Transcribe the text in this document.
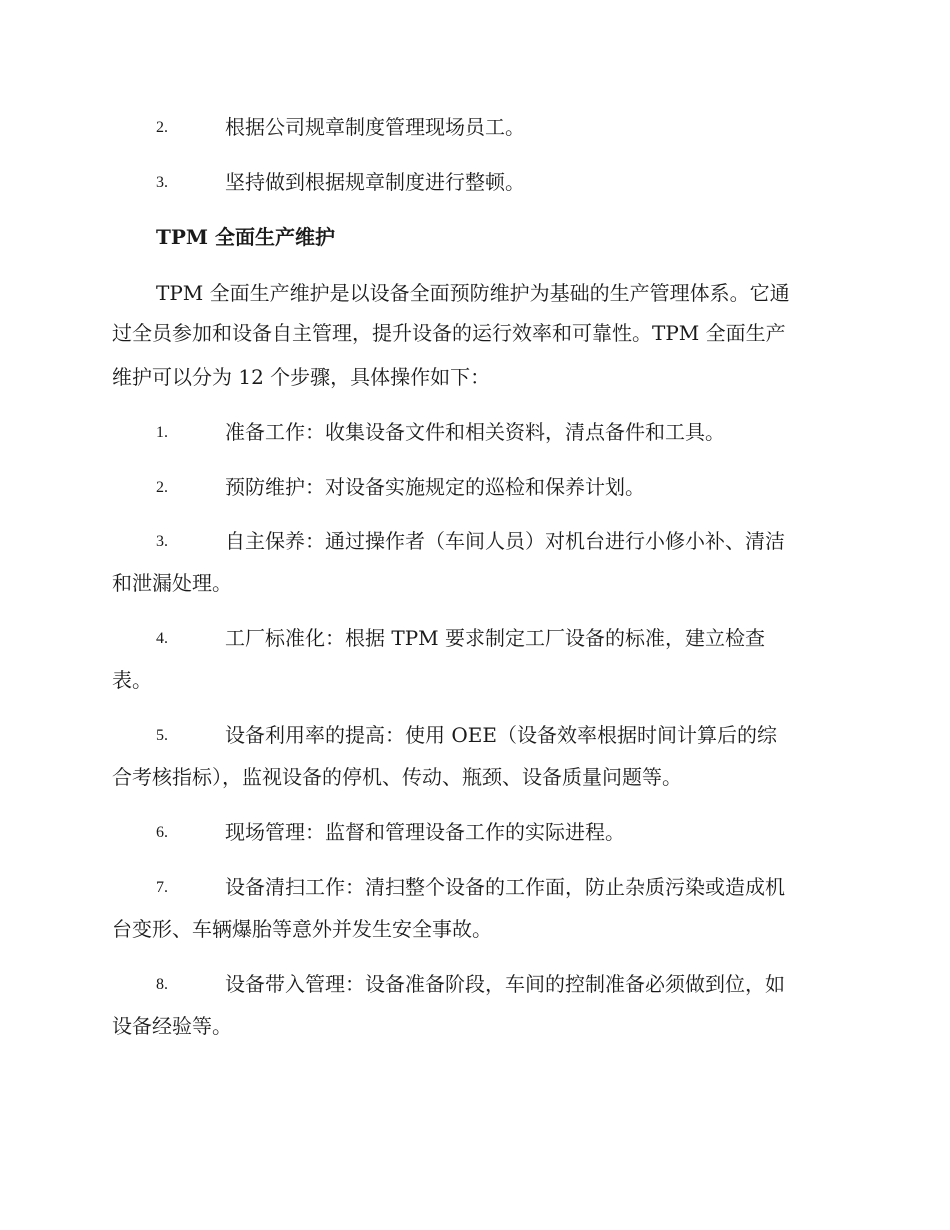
2.	根据公司规章制度管理现场员工。
3.	坚持做到根据规章制度进行整顿。
TPM 全面生产维护
TPM 全面生产维护是以设备全面预防维护为基础的生产管理体系。它通
过全员参加和设备自主管理，提升设备的运行效率和可靠性。TPM 全面生产
维护可以分为 12 个步骤，具体操作如下：
1.	准备工作：收集设备文件和相关资料，清点备件和工具。
2.	预防维护：对设备实施规定的巡检和保养计划。
3.	自主保养：通过操作者（车间人员）对机台进行小修小补、清洁
和泄漏处理。
4.	工厂标准化：根据 TPM 要求制定工厂设备的标准，建立检查
表。
5.	设备利用率的提高：使用 OEE（设备效率根据时间计算后的综
合考核指标），监视设备的停机、传动、瓶颈、设备质量问题等。
6.	现场管理：监督和管理设备工作的实际进程。
7.	设备清扫工作：清扫整个设备的工作面，防止杂质污染或造成机
台变形、车辆爆胎等意外并发生安全事故。
8.	设备带入管理：设备准备阶段，车间的控制准备必须做到位，如
设备经验等。
